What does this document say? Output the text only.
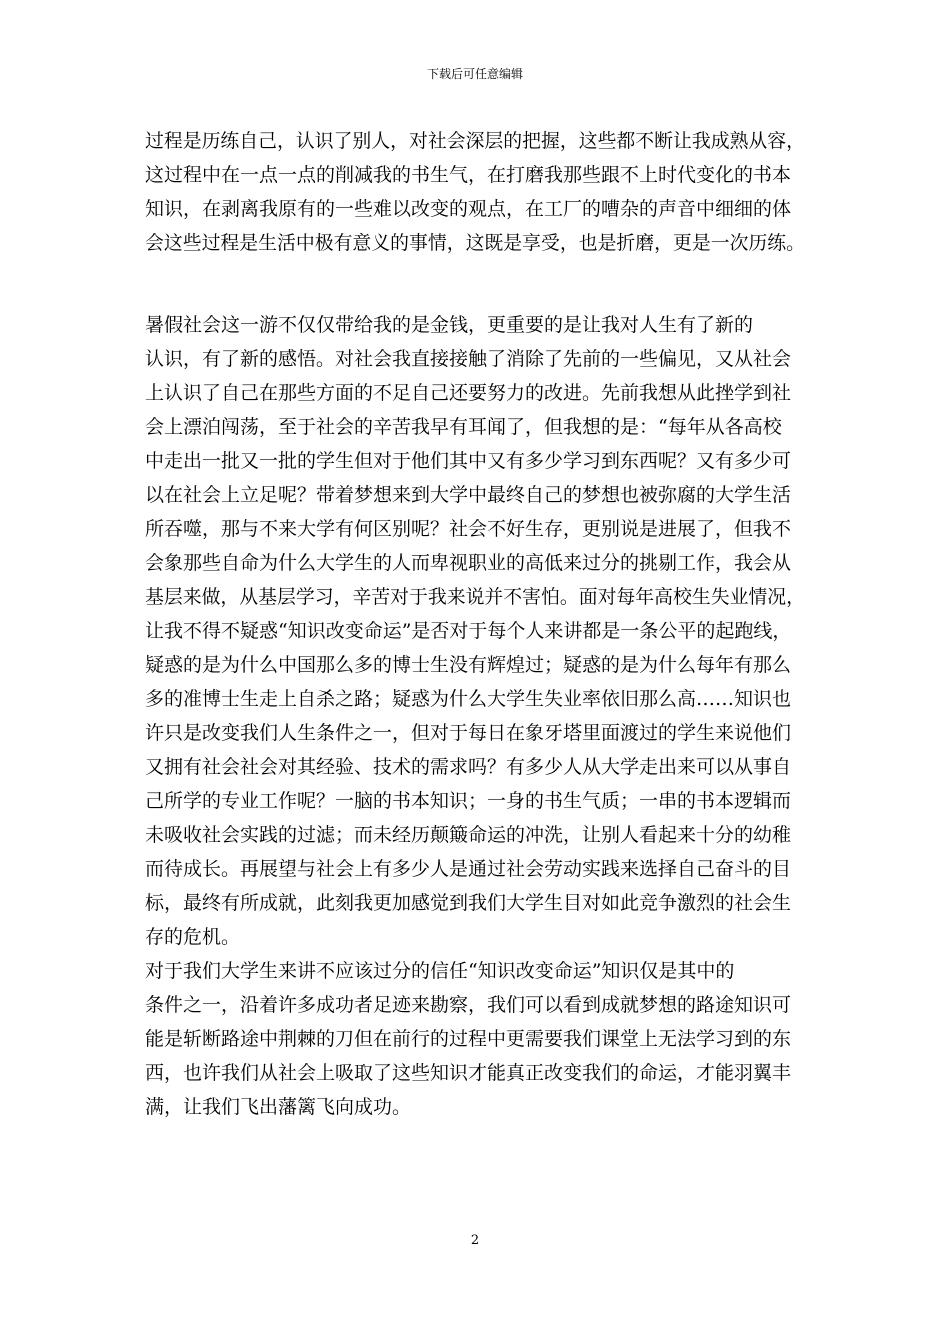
下载后可任意编辑
过程是历练自己，认识了别人，对社会深层的把握，这些都不断让我成熟从容，
这过程中在一点一点的削减我的书生气，在打磨我那些跟不上时代变化的书本
知识，在剥离我原有的一些难以改变的观点，在工厂的嘈杂的声音中细细的体
会这些过程是生活中极有意义的事情，这既是享受，也是折磨，更是一次历练。
暑假社会这一游不仅仅带给我的是金钱，更重要的是让我对人生有了新的
认识，有了新的感悟。对社会我直接接触了消除了先前的一些偏见，又从社会
上认识了自己在那些方面的不足自己还要努力的改进。先前我想从此挫学到社
会上漂泊闯荡，至于社会的辛苦我早有耳闻了，但我想的是：“每年从各高校
中走出一批又一批的学生但对于他们其中又有多少学习到东西呢？又有多少可
以在社会上立足呢？带着梦想来到大学中最终自己的梦想也被弥腐的大学生活
所吞噬，那与不来大学有何区别呢？社会不好生存，更别说是进展了，但我不
会象那些自命为什么大学生的人而卑视职业的高低来过分的挑剔工作，我会从
基层来做，从基层学习，辛苦对于我来说并不害怕。面对每年高校生失业情况，
让我不得不疑惑“知识改变命运”是否对于每个人来讲都是一条公平的起跑线，
疑惑的是为什么中国那么多的博士生没有辉煌过；疑惑的是为什么每年有那么
多的准博士生走上自杀之路；疑惑为什么大学生失业率依旧那么高……知识也
许只是改变我们人生条件之一，但对于每日在象牙塔里面渡过的学生来说他们
又拥有社会社会对其经验、技术的需求吗？有多少人从大学走出来可以从事自
己所学的专业工作呢？一脑的书本知识；一身的书生气质；一串的书本逻辑而
未吸收社会实践的过滤；而未经历颠簸命运的冲洗，让别人看起来十分的幼稚
而待成长。再展望与社会上有多少人是通过社会劳动实践来选择自己奋斗的目
标，最终有所成就，此刻我更加感觉到我们大学生目对如此竞争激烈的社会生
存的危机。
对于我们大学生来讲不应该过分的信任“知识改变命运”知识仅是其中的
条件之一，沿着许多成功者足迹来勘察，我们可以看到成就梦想的路途知识可
能是斩断路途中荆棘的刀但在前行的过程中更需要我们课堂上无法学习到的东
西，也许我们从社会上吸取了这些知识才能真正改变我们的命运，才能羽翼丰
满，让我们飞出藩篱飞向成功。
2
